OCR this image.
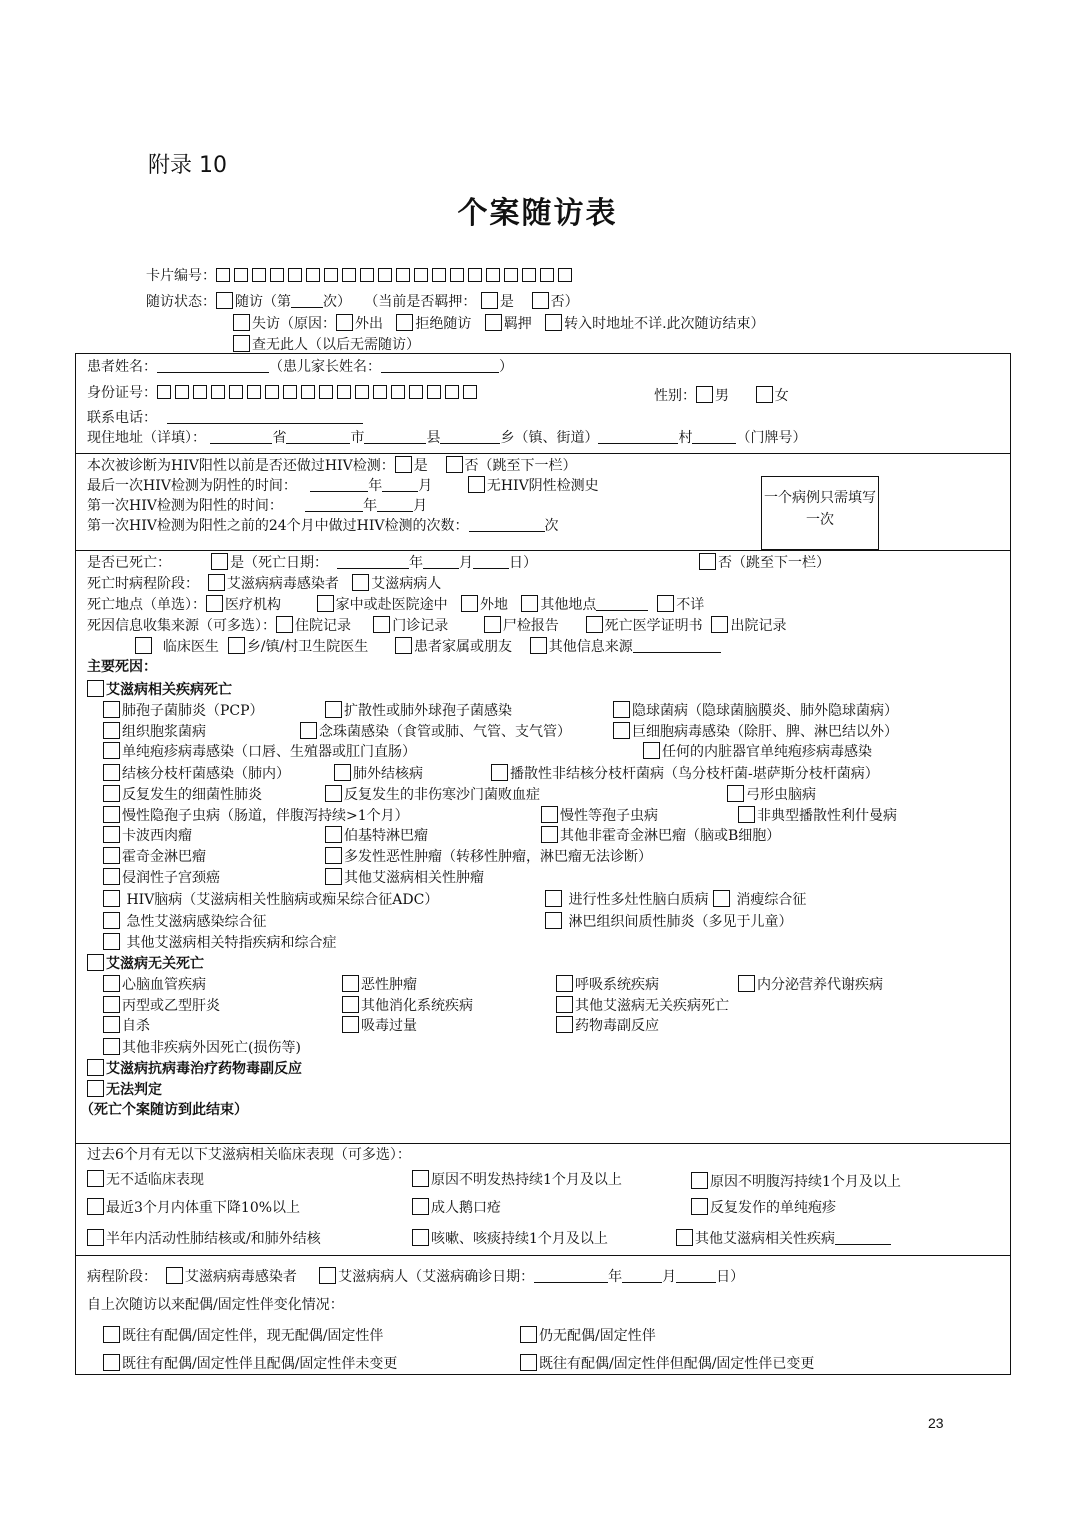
附录 10
个案随访表
卡片编号：
随访状态： 随访（第 次） （当前是否羁押： 是	否）
失访（原因： 外出 拒绝随访 羁押 转入时地址不详.此次随访结束）
查无此人（以后无需随访）
患者姓名：	（患儿家长姓名：	）
身份证号：	性别： 男	女
联系电话：
现住地址（详填）：	省	市	县	乡（镇、街道）	村	（门牌号）
本次被诊断为HIV阳性以前是否还做过HIV检测： 是	否（跳至下一栏）
最后一次HIV检测为阴性的时间：	年	月	无HIV阴性检测史
第一次HIV检测为阳性的时间：	年	月
第一次HIV检测为阳性之前的24个月中做过HIV检测的次数：	次
一个病例只需填写一次
是否已死亡：	是（死亡日期：	年	月	日）	否（跳至下一栏）
死亡时病程阶段： 艾滋病病毒感染者 艾滋病病人
死亡地点（单选）： 医疗机构	家中或赴医院途中 外地 其他地点	不详
死因信息收集来源（可多选）： 住院记录	门诊记录	尸检报告	死亡医学证明书 出院记录
临床医生 乡/镇/村卫生院医生	患者家属或朋友	其他信息来源
主要死因：
艾滋病相关疾病死亡
肺孢子菌肺炎（PCP）	扩散性或肺外球孢子菌感染	隐球菌病（隐球菌脑膜炎、肺外隐球菌病）
组织胞浆菌病	念珠菌感染（食管或肺、气管、支气管）	巨细胞病毒感染（除肝、脾、淋巴结以外）
单纯疱疹病毒感染（口唇、生殖器或肛门直肠）	任何的内脏器官单纯疱疹病毒感染
结核分枝杆菌感染（肺内）	肺外结核病	播散性非结核分枝杆菌病（鸟分枝杆菌-堪萨斯分枝杆菌病）
反复发生的细菌性肺炎	反复发生的非伤寒沙门菌败血症	弓形虫脑病
慢性隐孢子虫病（肠道，伴腹泻持续>1个月）	慢性等孢子虫病	非典型播散性利什曼病
卡波西肉瘤	伯基特淋巴瘤	其他非霍奇金淋巴瘤（脑或B细胞）
霍奇金淋巴瘤	多发性恶性肿瘤（转移性肿瘤，淋巴瘤无法诊断）
侵润性子宫颈癌	其他艾滋病相关性肿瘤
HIV脑病（艾滋病相关性脑病或痴呆综合征ADC）	进行性多灶性脑白质病  消瘦综合征
急性艾滋病感染综合征	淋巴组织间质性肺炎（多见于儿童）
其他艾滋病相关特指疾病和综合症
艾滋病无关死亡
心脑血管疾病	恶性肿瘤	呼吸系统疾病	内分泌营养代谢疾病
丙型或乙型肝炎	其他消化系统疾病	其他艾滋病无关疾病死亡
自杀	吸毒过量	药物毒副反应
其他非疾病外因死亡(损伤等)
艾滋病抗病毒治疗药物毒副反应
无法判定
（死亡个案随访到此结束）
过去6个月有无以下艾滋病相关临床表现（可多选）：
无不适临床表现	原因不明发热持续1个月及以上	原因不明腹泻持续1个月及以上
最近3个月内体重下降10%以上	成人鹅口疮	反复发作的单纯疱疹
半年内活动性肺结核或/和肺外结核	咳嗽、咳痰持续1个月及以上	其他艾滋病相关性疾病
病程阶段： 艾滋病病毒感染者	艾滋病病人（艾滋病确诊日期：	年	月	日）
自上次随访以来配偶/固定性伴变化情况：
既往有配偶/固定性伴，现无配偶/固定性伴	仍无配偶/固定性伴
既往有配偶/固定性伴且配偶/固定性伴未变更	既往有配偶/固定性伴但配偶/固定性伴已变更
23
